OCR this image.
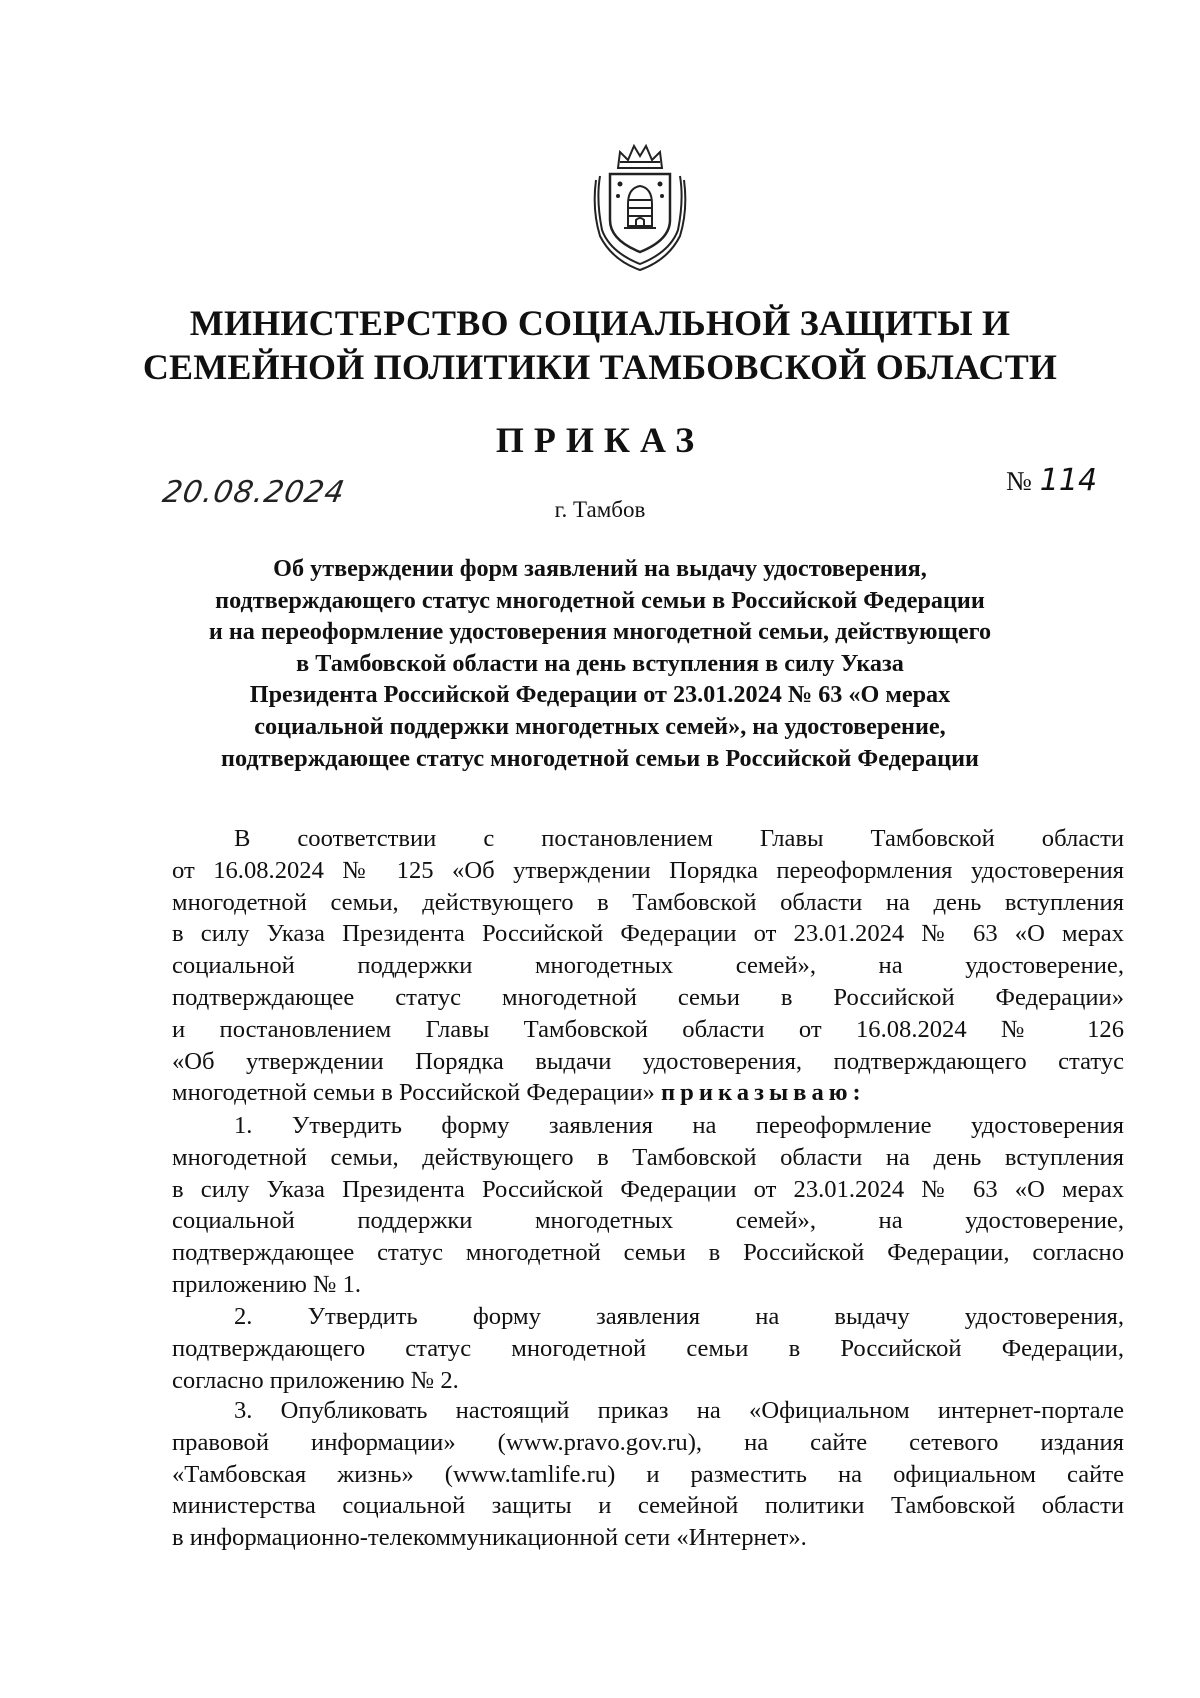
МИНИСТЕРСТВО СОЦИАЛЬНОЙ ЗАЩИТЫ И
СЕМЕЙНОЙ ПОЛИТИКИ ТАМБОВСКОЙ ОБЛАСТИ
ПРИКАЗ
20.08.2024	№ 114
г. Тамбов
Об утверждении форм заявлений на выдачу удостоверения,
подтверждающего статус многодетной семьи в Российской Федерации
и на переоформление удостоверения многодетной семьи, действующего
в Тамбовской области на день вступления в силу Указа
Президента Российской Федерации от 23.01.2024 № 63 «О мерах
социальной поддержки многодетных семей», на удостоверение,
подтверждающее статус многодетной семьи в Российской Федерации
В соответствии с постановлением Главы Тамбовской области
от 16.08.2024 № 125 «Об утверждении Порядка переоформления удостоверения
многодетной семьи, действующего в Тамбовской области на день вступления
в силу Указа Президента Российской Федерации от 23.01.2024 № 63 «О мерах
социальной поддержки многодетных семей», на удостоверение,
подтверждающее статус многодетной семьи в Российской Федерации»
и постановлением Главы Тамбовской области от 16.08.2024 № 126
«Об утверждении Порядка выдачи удостоверения, подтверждающего статус
многодетной семьи в Российской Федерации» приказываю:
1. Утвердить форму заявления на переоформление удостоверения
многодетной семьи, действующего в Тамбовской области на день вступления
в силу Указа Президента Российской Федерации от 23.01.2024 № 63 «О мерах
социальной поддержки многодетных семей», на удостоверение,
подтверждающее статус многодетной семьи в Российской Федерации, согласно
приложению № 1.
2. Утвердить форму заявления на выдачу удостоверения,
подтверждающего статус многодетной семьи в Российской Федерации,
согласно приложению № 2.
3. Опубликовать настоящий приказ на «Официальном интернет-портале
правовой информации» (www.pravo.gov.ru), на сайте сетевого издания
«Тамбовская жизнь» (www.tamlife.ru) и разместить на официальном сайте
министерства социальной защиты и семейной политики Тамбовской области
в информационно-телекоммуникационной сети «Интернет».
